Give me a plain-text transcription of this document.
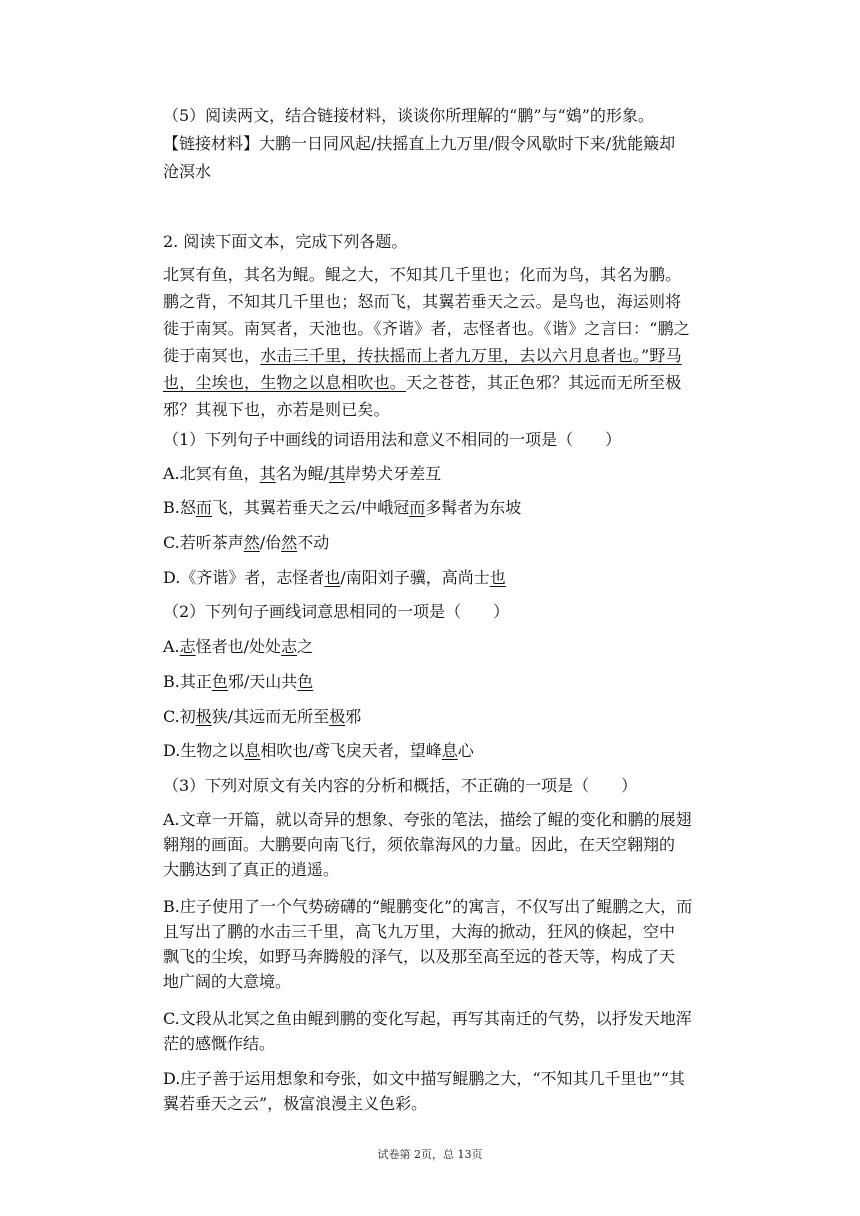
（5）阅读两文，结合链接材料，谈谈你所理解的“鹏”与“鴳”的形象。
【链接材料】大鹏一日同风起/扶摇直上九万里/假令风歇时下来/犹能簸却
沧溟水
2. 阅读下面文本，完成下列各题。
北冥有鱼，其名为鲲。鲲之大，不知其几千里也；化而为鸟，其名为鹏。
鹏之背，不知其几千里也；怒而飞，其翼若垂天之云。是鸟也，海运则将
徙于南冥。南冥者，天池也。《齐谐》者，志怪者也。《谐》之言曰：“鹏之
徙于南冥也，水击三千里，抟扶摇而上者九万里，去以六月息者也。”野马
也，尘埃也，生物之以息相吹也。天之苍苍，其正色邪？其远而无所至极
邪？其视下也，亦若是则已矣。
（1）下列句子中画线的词语用法和意义不相同的一项是（　　）
A.北冥有鱼，其名为鲲/其岸势犬牙差互
B.怒而飞，其翼若垂天之云/中峨冠而多髯者为东坡
C.若听茶声然/佁然不动
D.《齐谐》者，志怪者也/南阳刘子骥，高尚士也
（2）下列句子画线词意思相同的一项是（　　）
A.志怪者也/处处志之
B.其正色邪/天山共色
C.初极狭/其远而无所至极邪
D.生物之以息相吹也/鸢飞戾天者，望峰息心
（3）下列对原文有关内容的分析和概括，不正确的一项是（　　）
A.文章一开篇，就以奇异的想象、夸张的笔法，描绘了鲲的变化和鹏的展翅
翱翔的画面。大鹏要向南飞行，须依靠海风的力量。因此，在天空翱翔的
大鹏达到了真正的逍遥。
B.庄子使用了一个气势磅礴的“鲲鹏变化”的寓言，不仅写出了鲲鹏之大，而
且写出了鹏的水击三千里，高飞九万里，大海的掀动，狂风的倏起，空中
飘飞的尘埃，如野马奔腾般的泽气，以及那至高至远的苍天等，构成了天
地广阔的大意境。
C.文段从北冥之鱼由鲲到鹏的变化写起，再写其南迁的气势，以抒发天地浑
茫的感慨作结。
D.庄子善于运用想象和夸张，如文中描写鲲鹏之大，“不知其几千里也”“其
翼若垂天之云”，极富浪漫主义色彩。
试卷第 2页，总 13页
